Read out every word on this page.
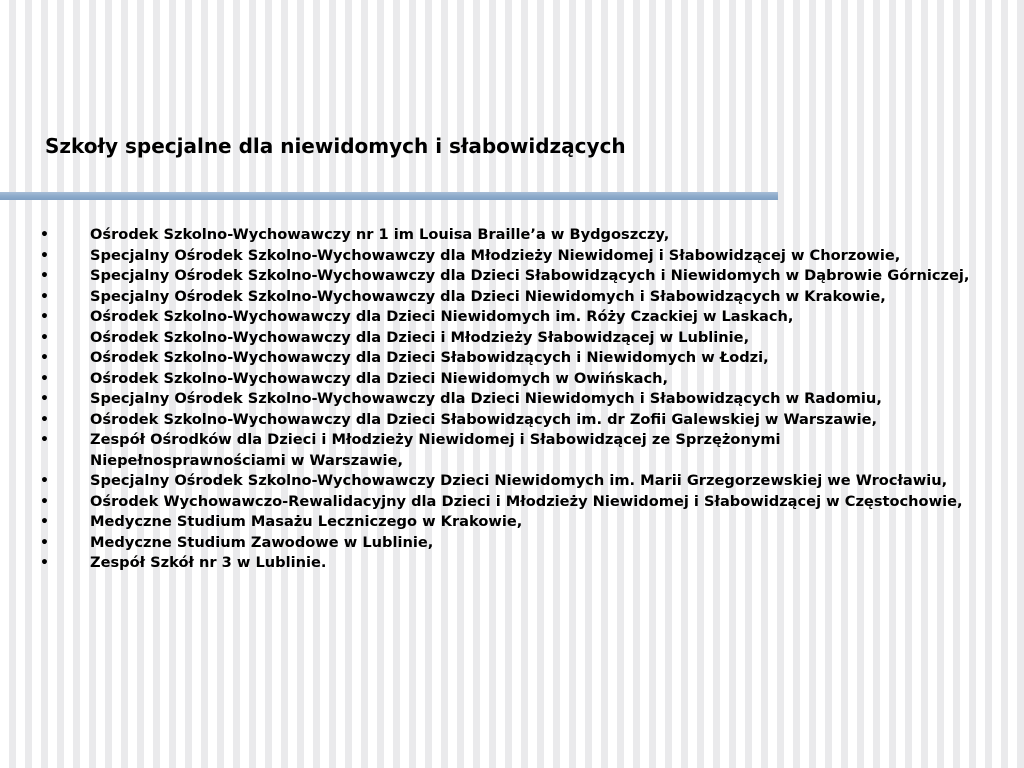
Szkoły specjalne dla niewidomych i słabowidzących
•	Ośrodek Szkolno-Wychowawczy nr 1 im Louisa Braille’a w Bydgoszczy,
•	Specjalny Ośrodek Szkolno-Wychowawczy dla Młodzieży Niewidomej i Słabowidzącej w Chorzowie,
•	Specjalny Ośrodek Szkolno-Wychowawczy dla Dzieci Słabowidzących i Niewidomych w Dąbrowie Górniczej,
•	Specjalny Ośrodek Szkolno-Wychowawczy dla Dzieci Niewidomych i Słabowidzących w Krakowie,
•	Ośrodek Szkolno-Wychowawczy dla Dzieci Niewidomych im. Róży Czackiej w Laskach,
•	Ośrodek Szkolno-Wychowawczy dla Dzieci i Młodzieży Słabowidzącej w Lublinie,
•	Ośrodek Szkolno-Wychowawczy dla Dzieci Słabowidzących i Niewidomych w Łodzi,
•	Ośrodek Szkolno-Wychowawczy dla Dzieci Niewidomych w Owińskach,
•	Specjalny Ośrodek Szkolno-Wychowawczy dla Dzieci Niewidomych i Słabowidzących w Radomiu,
•	Ośrodek Szkolno-Wychowawczy dla Dzieci Słabowidzących im. dr Zofii Galewskiej w Warszawie,
•	Zespół Ośrodków dla Dzieci i Młodzieży Niewidomej i Słabowidzącej ze Sprzężonymi Niepełnosprawnościami w Warszawie,
•	Specjalny Ośrodek Szkolno-Wychowawczy Dzieci Niewidomych im. Marii Grzegorzewskiej we Wrocławiu,
•	Ośrodek Wychowawczo-Rewalidacyjny dla Dzieci i Młodzieży Niewidomej i Słabowidzącej w Częstochowie,
•	Medyczne Studium Masażu Leczniczego w Krakowie,
•	Medyczne Studium Zawodowe w Lublinie,
•	Zespół Szkół nr 3 w Lublinie.
